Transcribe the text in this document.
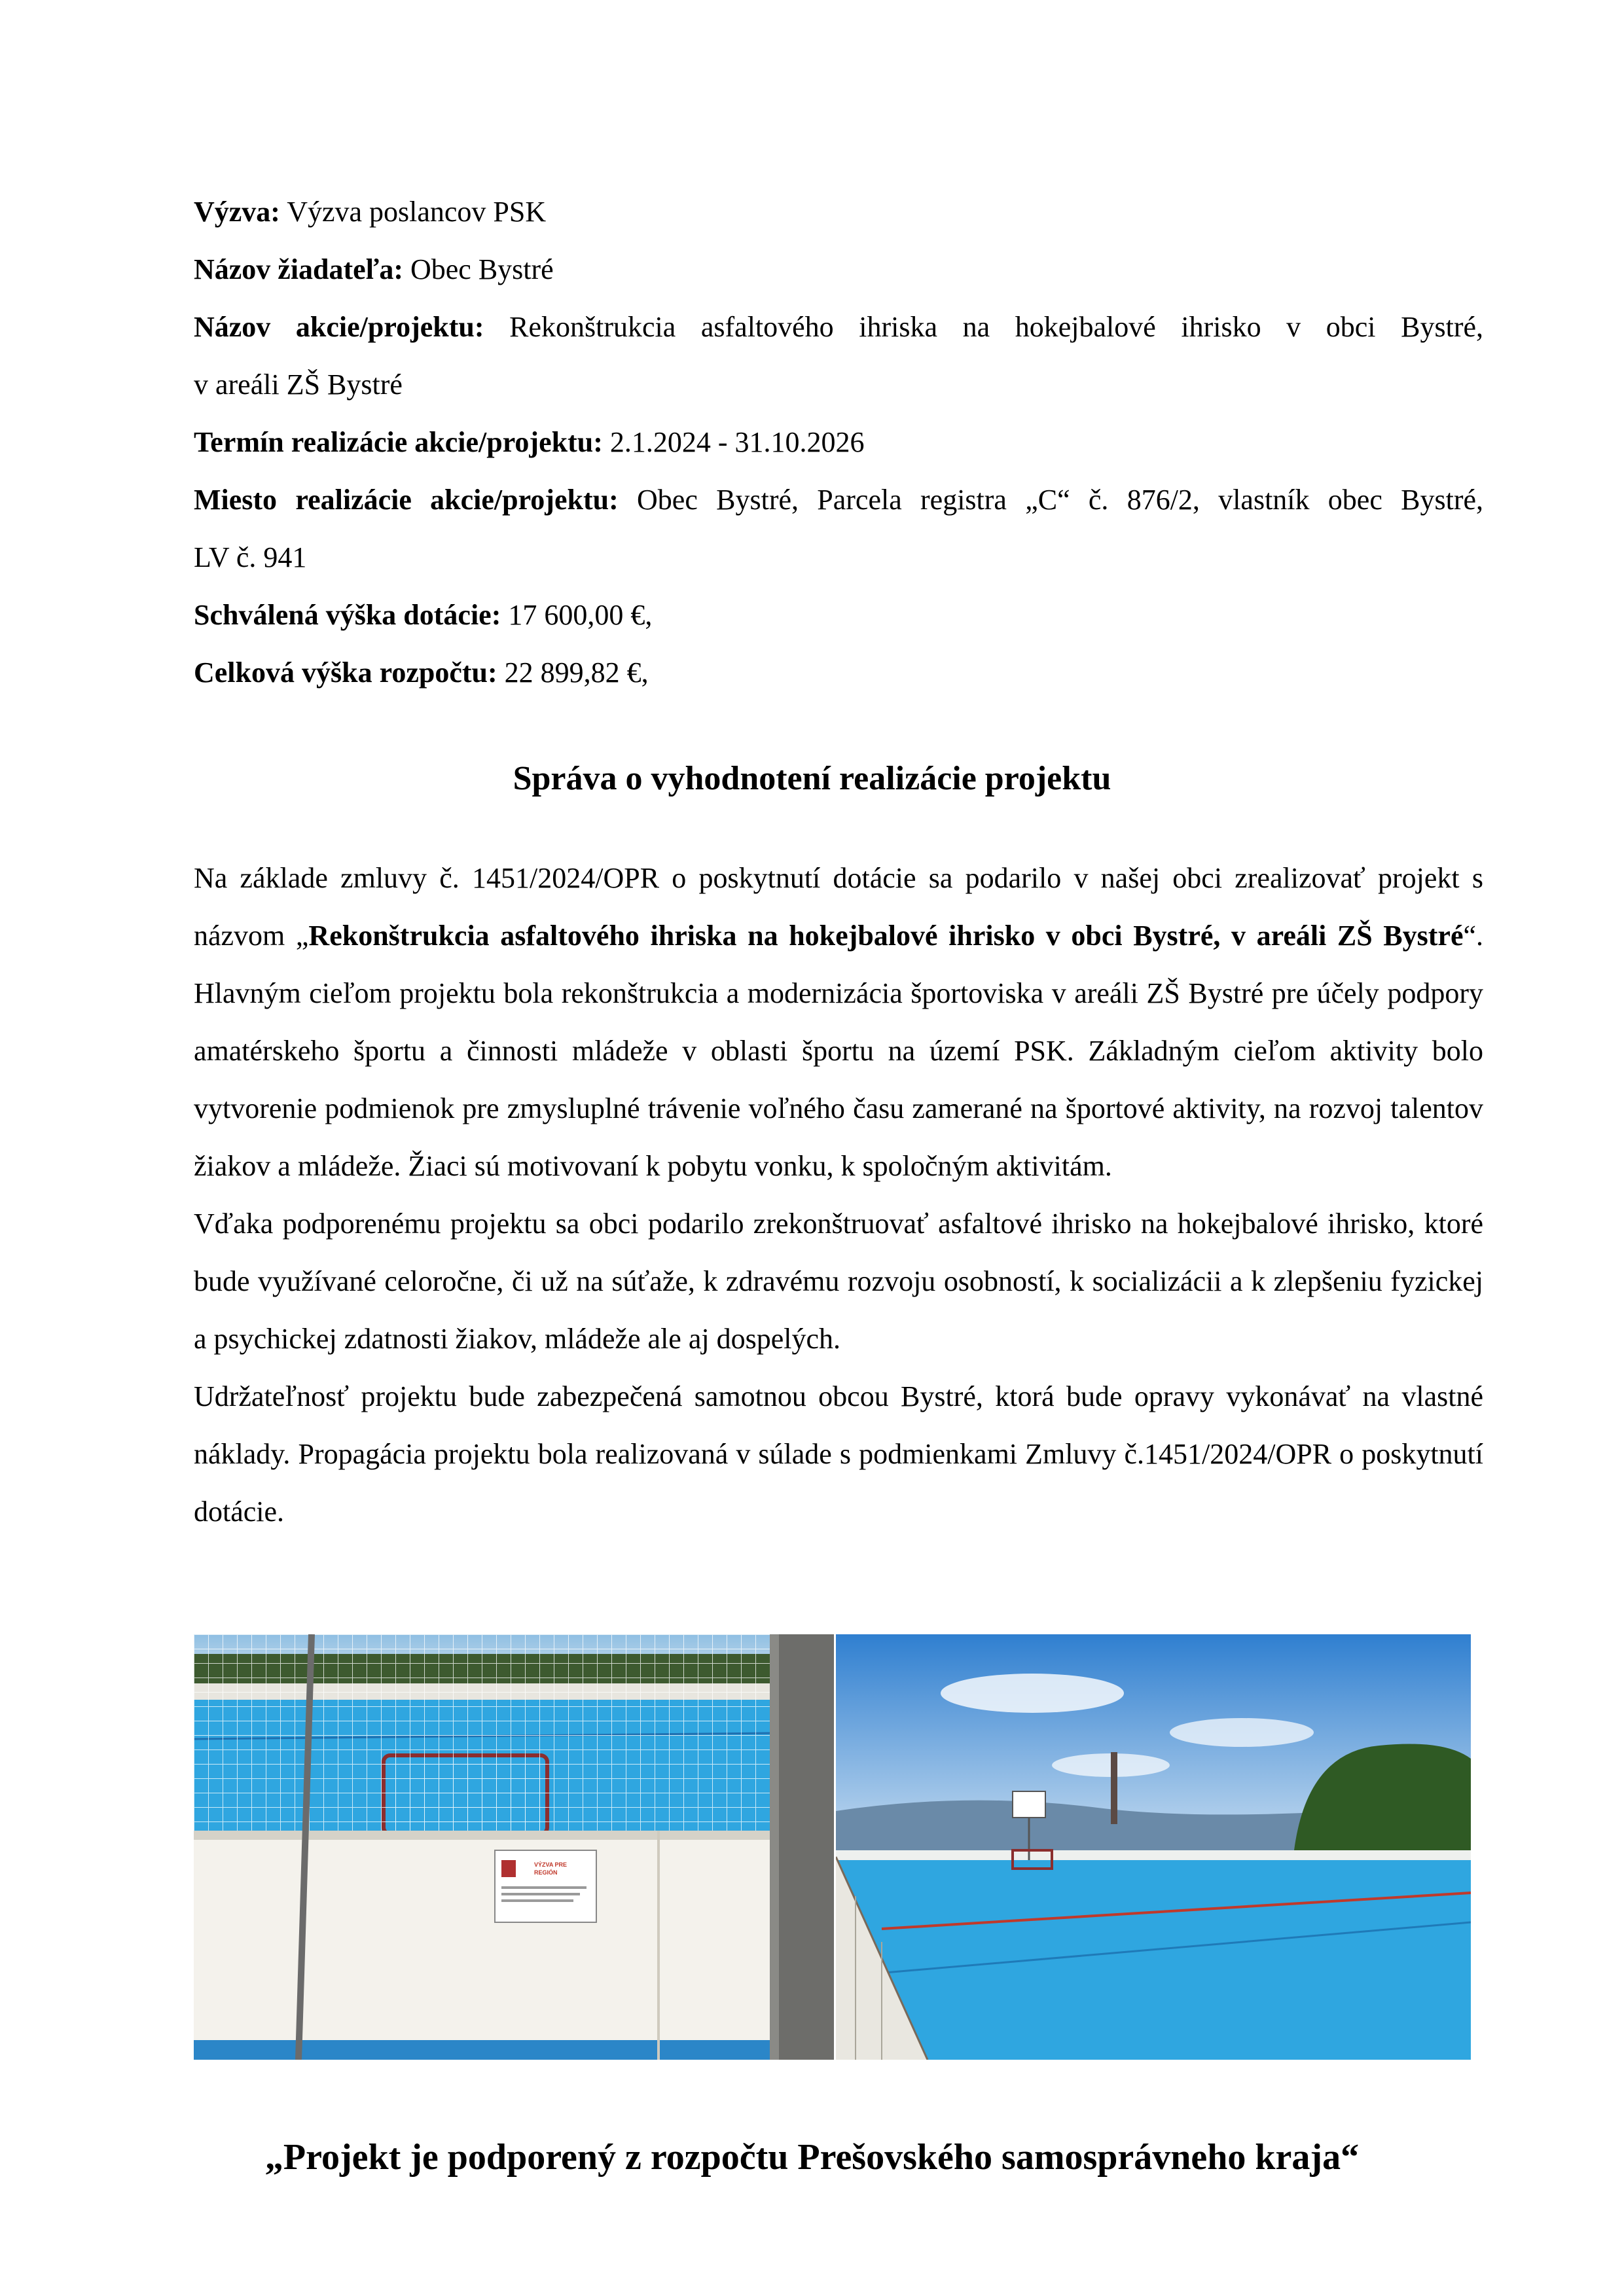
Výzva: Výzva poslancov PSK

Názov žiadateľa: Obec Bystré

Názov akcie/projektu: Rekonštrukcia asfaltového ihriska na hokejbalové ihrisko v obci Bystré,

v areáli ZŠ Bystré

Termín realizácie akcie/projektu: 2.1.2024 - 31.10.2026

Miesto realizácie akcie/projektu: Obec Bystré, Parcela registra „C“ č. 876/2, vlastník obec Bystré,

LV č. 941

Schválená výška dotácie: 17 600,00 €,

Celková výška rozpočtu: 22 899,82 €,

Správa o vyhodnotení realizácie projektu

Na základe zmluvy č. 1451/2024/OPR o poskytnutí dotácie sa podarilo v našej obci zrealizovať projekt s názvom „Rekonštrukcia asfaltového ihriska na hokejbalové ihrisko v obci Bystré, v areáli ZŠ Bystré“. Hlavným cieľom projektu bola rekonštrukcia a modernizácia športoviska v areáli ZŠ Bystré pre účely podpory amatérskeho športu a činnosti mládeže v oblasti športu na území PSK. Základným cieľom aktivity bolo vytvorenie podmienok pre zmysluplné trávenie voľného času zamerané na športové aktivity, na rozvoj talentov žiakov a mládeže. Žiaci sú motivovaní k pobytu vonku, k spoločným aktivitám.

Vďaka podporenému projektu sa obci podarilo zrekonštruovať asfaltové ihrisko na hokejbalové ihrisko, ktoré bude využívané celoročne, či už na súťaže, k zdravému rozvoju osobností, k socializácii a k zlepšeniu fyzickej a psychickej zdatnosti žiakov, mládeže ale aj dospelých.

Udržateľnosť projektu bude zabezpečená samotnou obcou Bystré, ktorá bude opravy vykonávať na vlastné náklady. Propagácia projektu bola realizovaná v súlade s podmienkami Zmluvy č.1451/2024/OPR o poskytnutí dotácie.

VÝZVA PRE
REGIÓN

„Projekt je podporený z rozpočtu Prešovského samosprávneho kraja“
